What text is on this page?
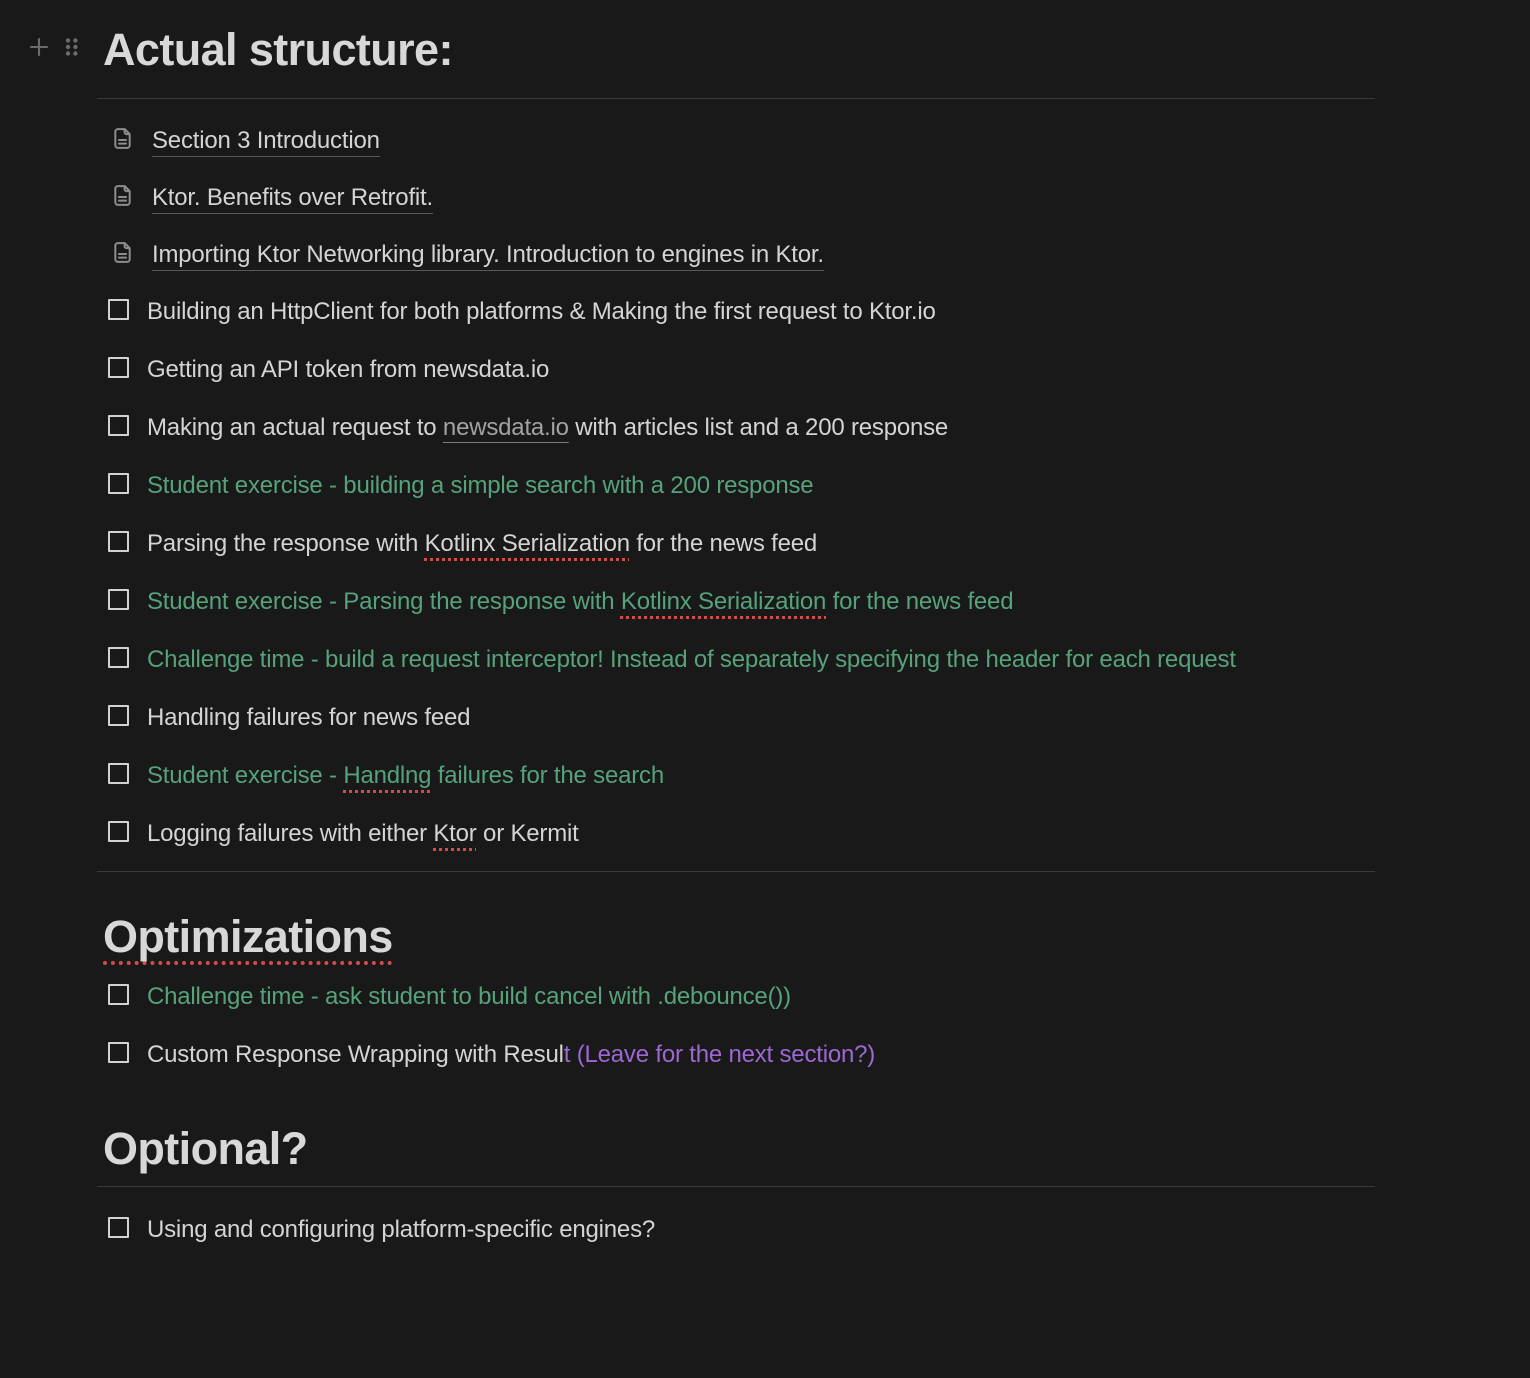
Actual structure:
Section 3 Introduction
Ktor. Benefits over Retrofit.
Importing Ktor Networking library. Introduction to engines in Ktor.
Building an HttpClient for both platforms & Making the first request to Ktor.io
Getting an API token from newsdata.io
Making an actual request to newsdata.io with articles list and a 200 response
Student exercise - building a simple search with a 200 response
Parsing the response with Kotlinx Serialization for the news feed
Student exercise - Parsing the response with Kotlinx Serialization for the news feed
Challenge time - build a request interceptor! Instead of separately specifying the header for each request
Handling failures for news feed
Student exercise - Handlng failures for the search
Logging failures with either Ktor or Kermit
Optimizations
Challenge time - ask student to build cancel with .debounce())
Custom Response Wrapping with Result (Leave for the next section?)
Optional?
Using and configuring platform-specific engines?
